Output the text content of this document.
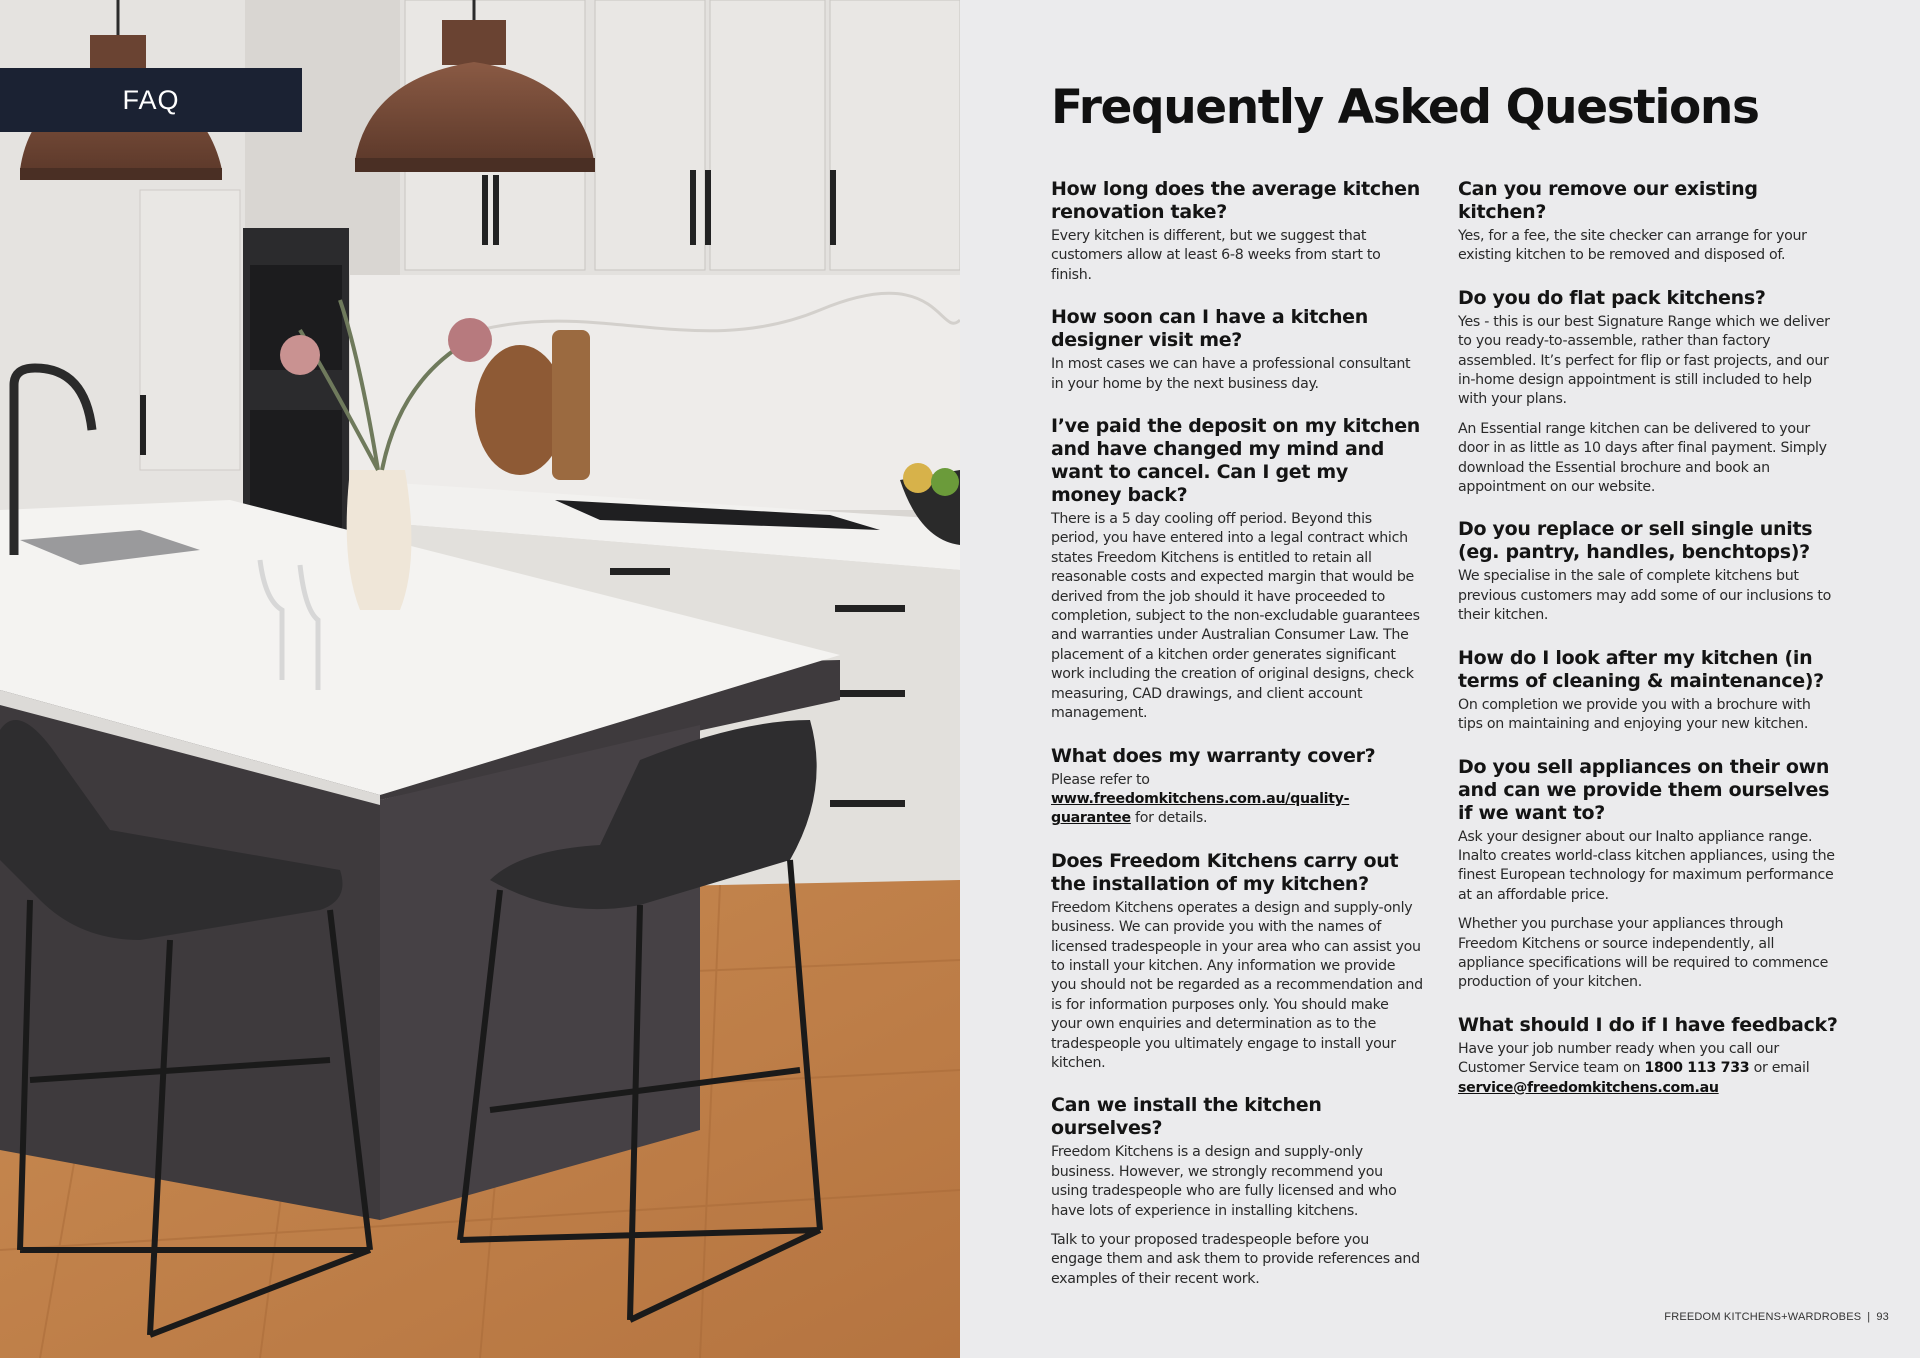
FAQ	Frequently Asked Questions
How long does the average kitchen renovation take?

Every kitchen is different, but we suggest that customers allow at least 6-8 weeks from start to finish.

How soon can I have a kitchen designer visit me?

In most cases we can have a professional consultant in your home by the next business day.

I’ve paid the deposit on my kitchen and have changed my mind and want to cancel. Can I get my money back?

There is a 5 day cooling off period. Beyond this period, you have entered into a legal contract which states Freedom Kitchens is entitled to retain all reasonable costs and expected margin that would be derived from the job should it have proceeded to completion, subject to the non-excludable guarantees and warranties under Australian Consumer Law. The placement of a kitchen order generates significant work including the creation of original designs, check measuring, CAD drawings, and client account management.

What does my warranty cover?

Please refer to www.freedomkitchens.com.au/quality-guarantee for details.

Does Freedom Kitchens carry out the installation of my kitchen?

Freedom Kitchens operates a design and supply-only business. We can provide you with the names of licensed tradespeople in your area who can assist you to install your kitchen. Any information we provide you should not be regarded as a recommendation and is for information purposes only. You should make your own enquiries and determination as to the tradespeople you ultimately engage to install your kitchen.

Can we install the kitchen ourselves?

Freedom Kitchens is a design and supply-only business. However, we strongly recommend you using tradespeople who are fully licensed and who have lots of experience in installing kitchens.

Talk to your proposed tradespeople before you engage them and ask them to provide references and examples of their recent work.

Can you remove our existing kitchen?

Yes, for a fee, the site checker can arrange for your existing kitchen to be removed and disposed of.

Do you do flat pack kitchens?

Yes - this is our best Signature Range which we deliver to you ready-to-assemble, rather than factory assembled. It’s perfect for flip or fast projects, and our in-home design appointment is still included to help with your plans.

An Essential range kitchen can be delivered to your door in as little as 10 days after final payment. Simply download the Essential brochure and book an appointment on our website.

Do you replace or sell single units (eg. pantry, handles, benchtops)?

We specialise in the sale of complete kitchens but previous customers may add some of our inclusions to their kitchen.

How do I look after my kitchen (in terms of cleaning & maintenance)?

On completion we provide you with a brochure with tips on maintaining and enjoying your new kitchen.

Do you sell appliances on their own and can we provide them ourselves if we want to?

Ask your designer about our Inalto appliance range. Inalto creates world-class kitchen appliances, using the finest European technology for maximum performance at an affordable price.

Whether you purchase your appliances through Freedom Kitchens or source independently, all appliance specifications will be required to commence production of your kitchen.

What should I do if I have feedback?

Have your job number ready when you call our Customer Service team on 1800 113 733 or email service@freedomkitchens.com.au

FREEDOM KITCHENS+WARDROBES | 93
